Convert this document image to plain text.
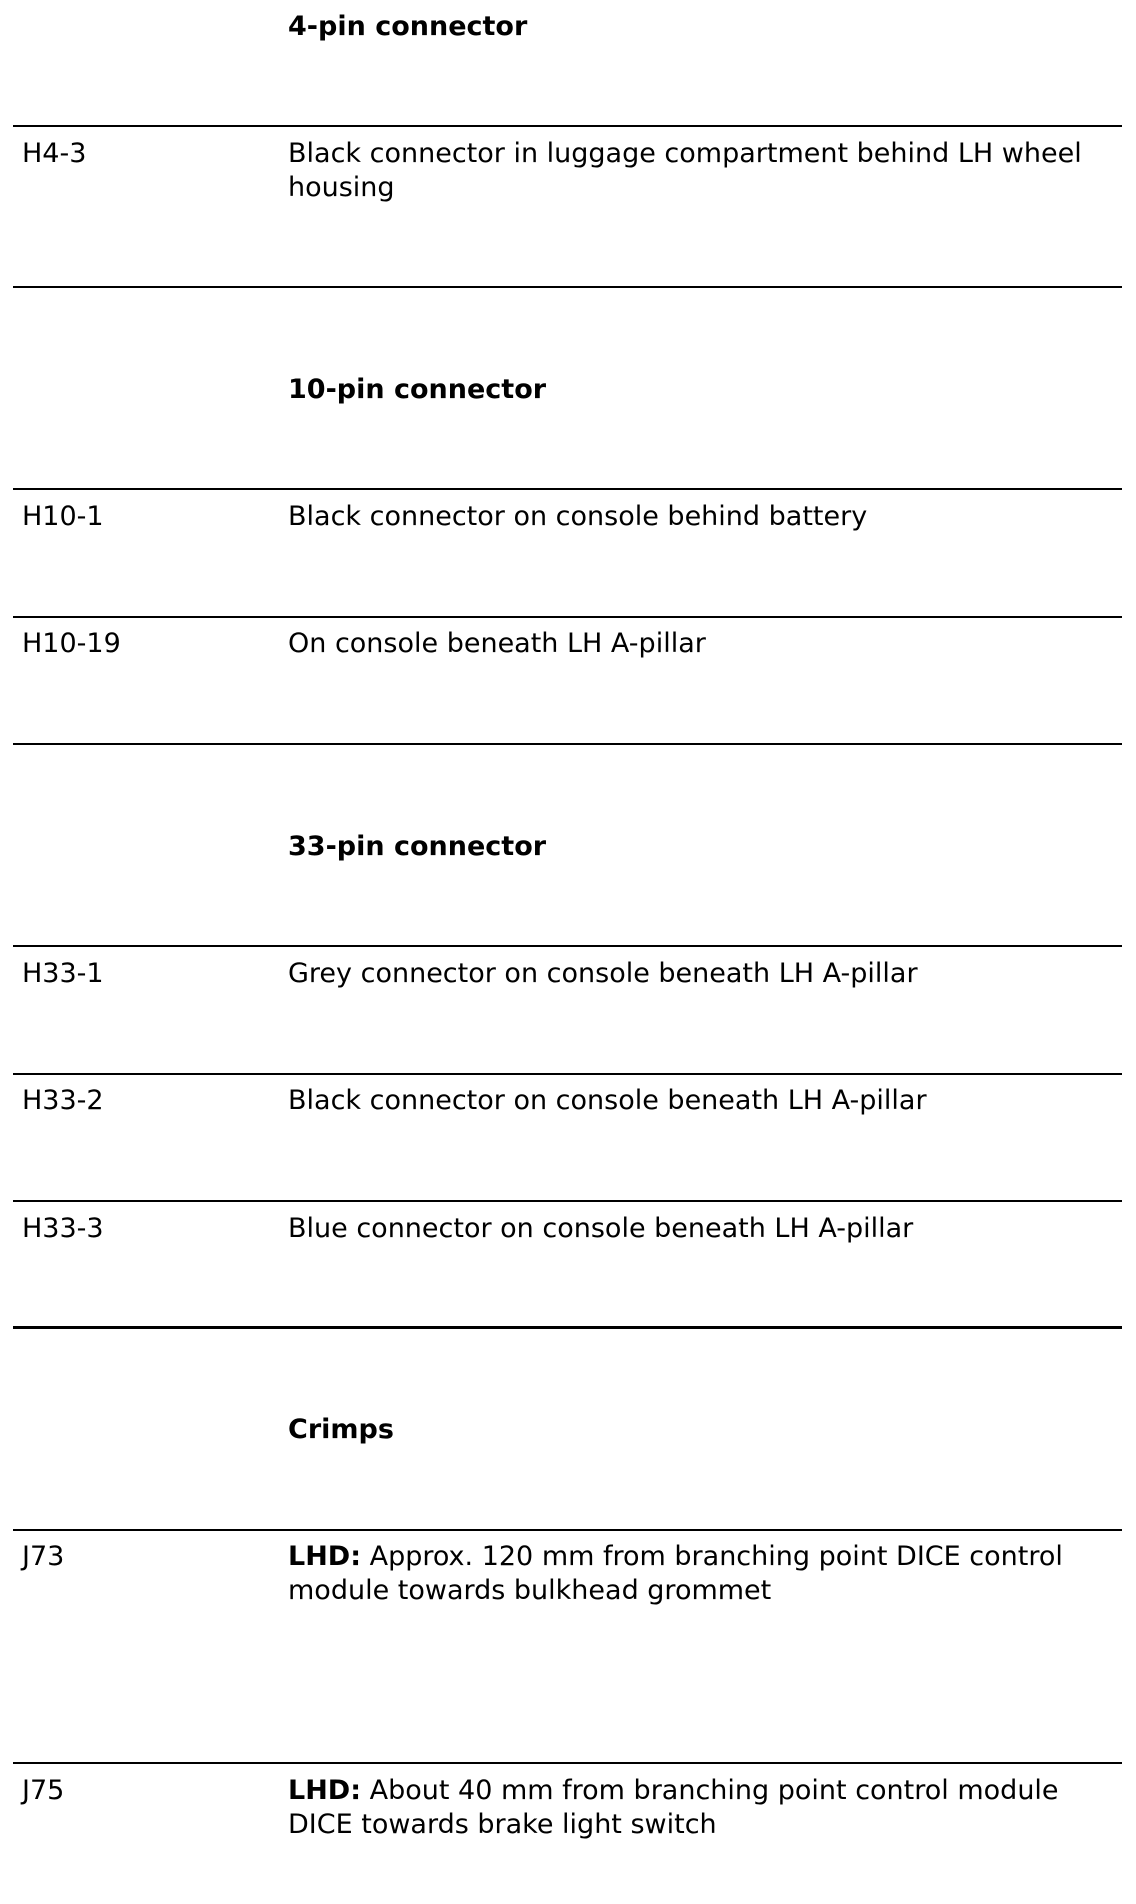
4-pin connector
H4-3	Black connector in luggage compartment behind LH wheel housing
10-pin connector
H10-1	Black connector on console behind battery
H10-19	On console beneath LH A-pillar
33-pin connector
H33-1	Grey connector on console beneath LH A-pillar
H33-2	Black connector on console beneath LH A-pillar
H33-3	Blue connector on console beneath LH A-pillar
Crimps
J73	LHD: Approx. 120 mm from branching point DICE control module towards bulkhead grommet
J75	LHD: About 40 mm from branching point control module DICE towards brake light switch
